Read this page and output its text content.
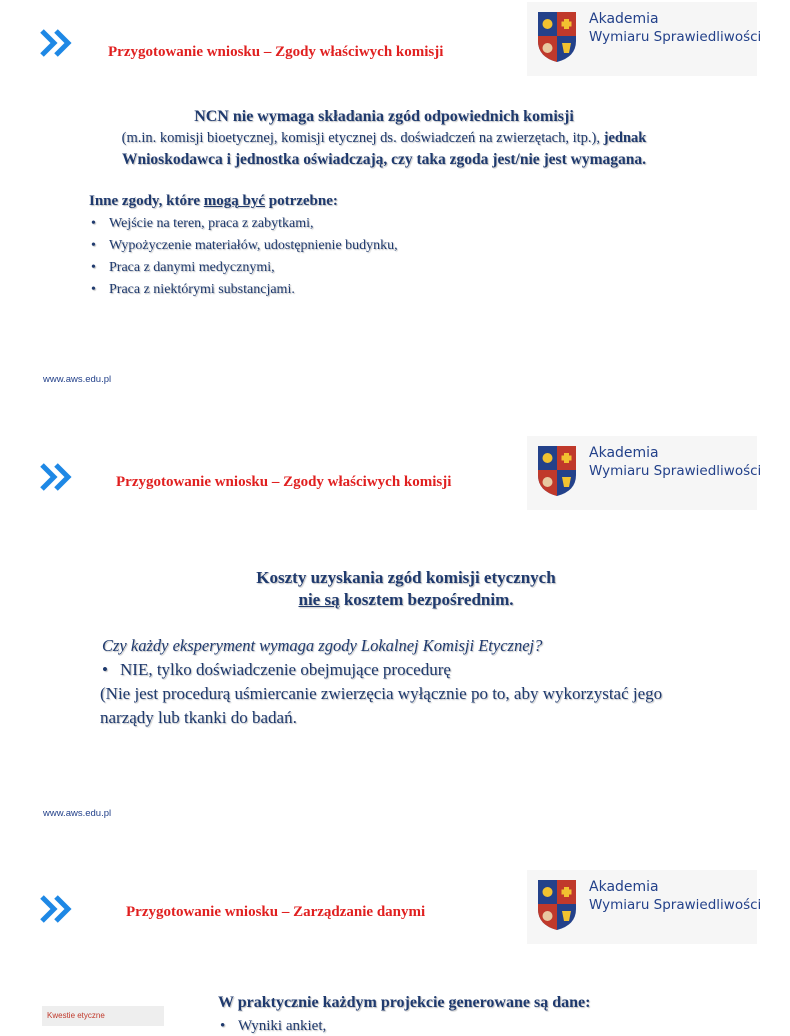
Przygotowanie wniosku – Zgody właściwych komisji
Akademia
Wymiaru Sprawiedliwości
NCN nie wymaga składania zgód odpowiednich komisji
(m.in. komisji bioetycznej, komisji etycznej ds. doświadczeń na zwierzętach, itp.), jednak
Wnioskodawca i jednostka oświadczają, czy taka zgoda jest/nie jest wymagana.
Inne zgody, które mogą być potrzebne:
• Wejście na teren, praca z zabytkami,
• Wypożyczenie materiałów, udostępnienie budynku,
• Praca z danymi medycznymi,
• Praca z niektórymi substancjami.
www.aws.edu.pl
Przygotowanie wniosku – Zgody właściwych komisji
Akademia
Wymiaru Sprawiedliwości
Koszty uzyskania zgód komisji etycznych
nie są kosztem bezpośrednim.
Czy każdy eksperyment wymaga zgody Lokalnej Komisji Etycznej?
• NIE, tylko doświadczenie obejmujące procedurę
(Nie jest procedurą uśmiercanie zwierzęcia wyłącznie po to, aby wykorzystać jego
narządy lub tkanki do badań.
www.aws.edu.pl
Przygotowanie wniosku – Zarządzanie danymi
Akademia
Wymiaru Sprawiedliwości
Kwestie etyczne
W praktycznie każdym projekcie generowane są dane:
• Wyniki ankiet,
